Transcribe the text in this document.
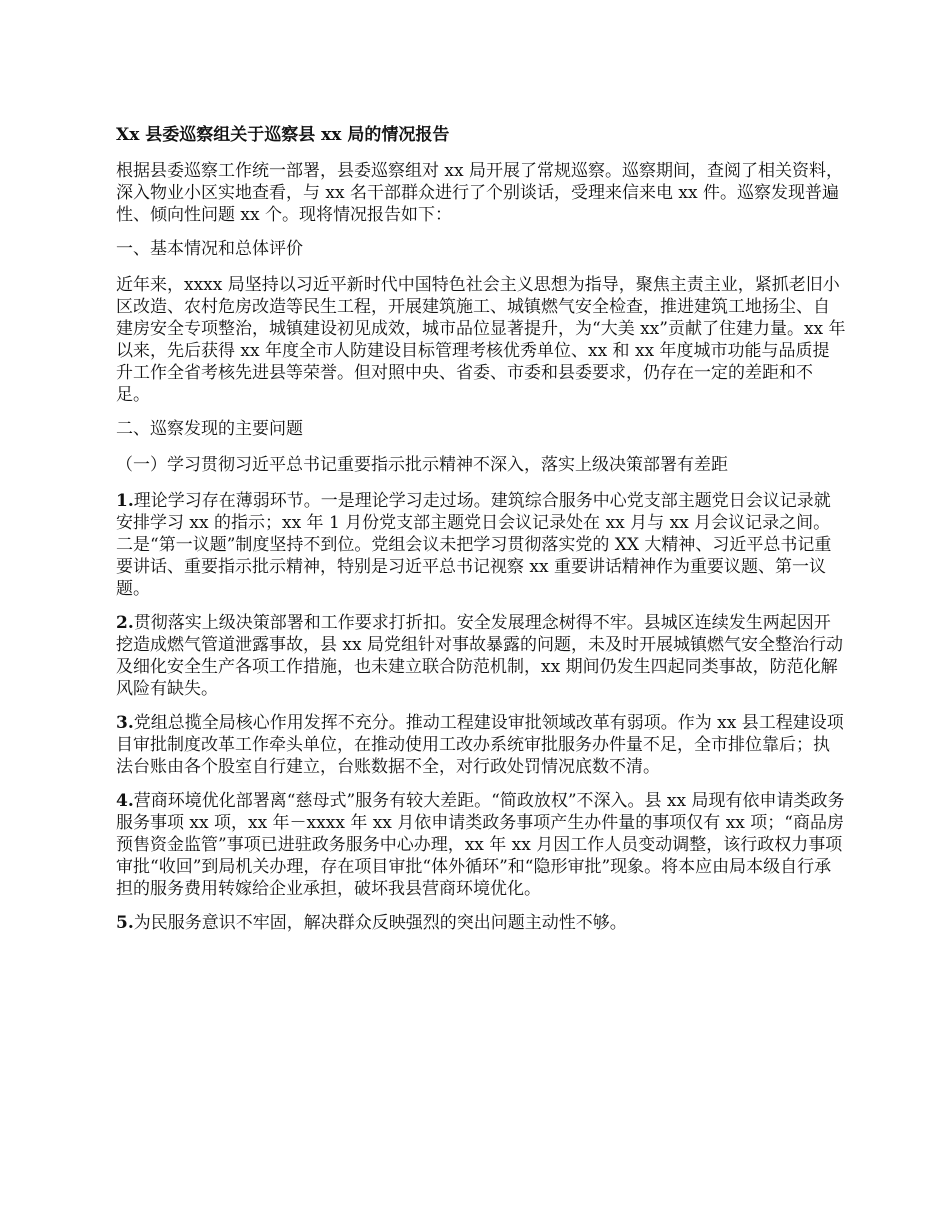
Xx 县委巡察组关于巡察县 xx 局的情况报告

根据县委巡察工作统一部署，县委巡察组对 xx 局开展了常规巡察。巡察期间，查阅了相关资料，深入物业小区实地查看，与 xx 名干部群众进行了个别谈话，受理来信来电 xx 件。巡察发现普遍性、倾向性问题 xx 个。现将情况报告如下：

一、基本情况和总体评价

近年来，xxxx 局坚持以习近平新时代中国特色社会主义思想为指导，聚焦主责主业，紧抓老旧小区改造、农村危房改造等民生工程，开展建筑施工、城镇燃气安全检查，推进建筑工地扬尘、自建房安全专项整治，城镇建设初见成效，城市品位显著提升，为“大美 xx”贡献了住建力量。xx 年以来，先后获得 xx 年度全市人防建设目标管理考核优秀单位、xx 和 xx 年度城市功能与品质提升工作全省考核先进县等荣誉。但对照中央、省委、市委和县委要求，仍存在一定的差距和不足。

二、巡察发现的主要问题

（一）学习贯彻习近平总书记重要指示批示精神不深入，落实上级决策部署有差距

1.理论学习存在薄弱环节。一是理论学习走过场。建筑综合服务中心党支部主题党日会议记录就安排学习 xx 的指示；xx 年 1 月份党支部主题党日会议记录处在 xx 月与 xx 月会议记录之间。二是“第一议题”制度坚持不到位。党组会议未把学习贯彻落实党的 XX 大精神、习近平总书记重要讲话、重要指示批示精神，特别是习近平总书记视察 xx 重要讲话精神作为重要议题、第一议题。

2.贯彻落实上级决策部署和工作要求打折扣。安全发展理念树得不牢。县城区连续发生两起因开挖造成燃气管道泄露事故，县 xx 局党组针对事故暴露的问题，未及时开展城镇燃气安全整治行动及细化安全生产各项工作措施，也未建立联合防范机制，xx 期间仍发生四起同类事故，防范化解风险有缺失。

3.党组总揽全局核心作用发挥不充分。推动工程建设审批领域改革有弱项。作为 xx 县工程建设项目审批制度改革工作牵头单位，在推动使用工改办系统审批服务办件量不足，全市排位靠后；执法台账由各个股室自行建立，台账数据不全，对行政处罚情况底数不清。

4.营商环境优化部署离“慈母式”服务有较大差距。“简政放权”不深入。县 xx 局现有依申请类政务服务事项 xx 项，xx 年－xxxx 年 xx 月依申请类政务事项产生办件量的事项仅有 xx 项；“商品房预售资金监管”事项已进驻政务服务中心办理，xx 年 xx 月因工作人员变动调整，该行政权力事项审批“收回”到局机关办理，存在项目审批“体外循环”和“隐形审批”现象。将本应由局本级自行承担的服务费用转嫁给企业承担，破坏我县营商环境优化。

5.为民服务意识不牢固，解决群众反映强烈的突出问题主动性不够。
